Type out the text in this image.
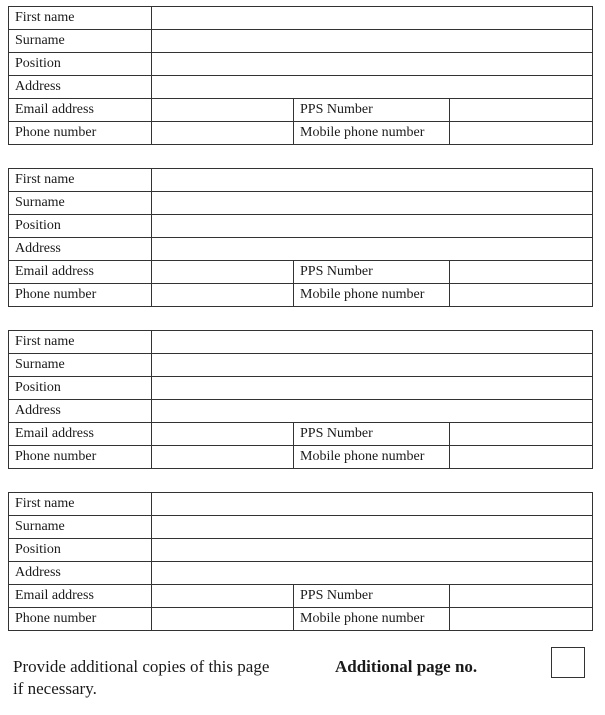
First name			
Surname			
Position			
Address			
Email address		PPS Number	
Phone number		Mobile phone number	
First name			
Surname			
Position			
Address			
Email address		PPS Number	
Phone number		Mobile phone number	
First name			
Surname			
Position			
Address			
Email address		PPS Number	
Phone number		Mobile phone number	
First name			
Surname			
Position			
Address			
Email address		PPS Number	
Phone number		Mobile phone number	
Provide additional copies of this page if necessary.
Additional page no.
